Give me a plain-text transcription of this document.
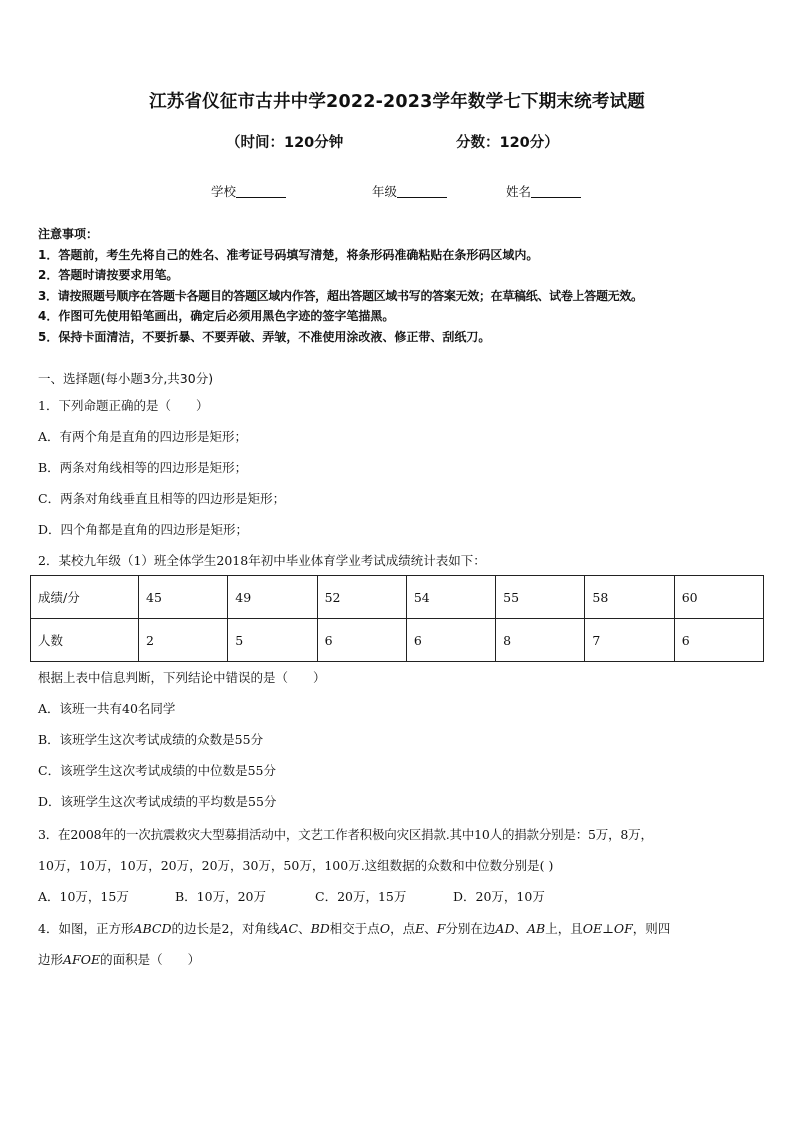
江苏省仪征市古井中学2022-2023学年数学七下期末统考试题
（时间：120分钟	分数：120分）
学校	年级	姓名
注意事项：
1．答题前，考生先将自己的姓名、准考证号码填写清楚，将条形码准确粘贴在条形码区域内。
2．答题时请按要求用笔。
3．请按照题号顺序在答题卡各题目的答题区域内作答，超出答题区域书写的答案无效；在草稿纸、试卷上答题无效。
4．作图可先使用铅笔画出，确定后必须用黑色字迹的签字笔描黑。
5．保持卡面清洁，不要折暴、不要弄破、弄皱，不准使用涂改液、修正带、刮纸刀。
一、选择题(每小题3分,共30分)
1．下列命题正确的是（　　）
A．有两个角是直角的四边形是矩形；
B．两条对角线相等的四边形是矩形；
C．两条对角线垂直且相等的四边形是矩形；
D．四个角都是直角的四边形是矩形；
2．某校九年级（1）班全体学生2018年初中毕业体育学业考试成绩统计表如下：
成绩/分	45	49	52	54	55	58	60
人数	2	5	6	6	8	7	6
根据上表中信息判断，下列结论中错误的是（　　）
A．该班一共有40名同学
B．该班学生这次考试成绩的众数是55分
C．该班学生这次考试成绩的中位数是55分
D．该班学生这次考试成绩的平均数是55分
3．在2008年的一次抗震救灾大型募捐活动中，文艺工作者积极向灾区捐款.其中10人的捐款分别是：5万，8万，
10万，10万，10万，20万，20万，30万，50万，100万.这组数据的众数和中位数分别是( )
A．10万，15万	B．10万，20万	C．20万，15万	D．20万，10万
4．如图，正方形ABCD的边长是2，对角线AC、BD相交于点O，点E、F分别在边AD、AB上，且OE⊥OF，则四
边形AFOE的面积是（　　）
